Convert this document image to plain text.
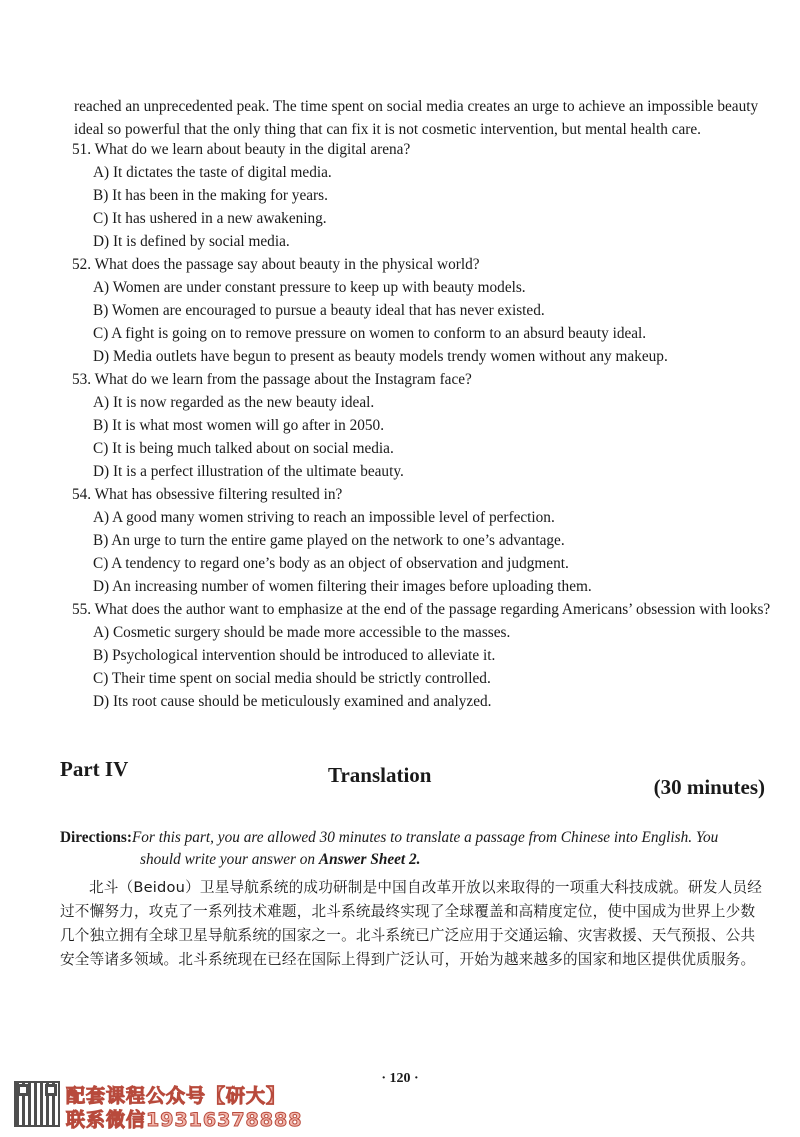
reached an unprecedented peak. The time spent on social media creates an urge to achieve an impossible beauty ideal so powerful that the only thing that can fix it is not cosmetic intervention, but mental health care.

51. What do we learn about beauty in the digital arena?
A) It dictates the taste of digital media.
B) It has been in the making for years.
C) It has ushered in a new awakening.
D) It is defined by social media.
52. What does the passage say about beauty in the physical world?
A) Women are under constant pressure to keep up with beauty models.
B) Women are encouraged to pursue a beauty ideal that has never existed.
C) A fight is going on to remove pressure on women to conform to an absurd beauty ideal.
D) Media outlets have begun to present as beauty models trendy women without any makeup.
53. What do we learn from the passage about the Instagram face?
A) It is now regarded as the new beauty ideal.
B) It is what most women will go after in 2050.
C) It is being much talked about on social media.
D) It is a perfect illustration of the ultimate beauty.
54. What has obsessive filtering resulted in?
A) A good many women striving to reach an impossible level of perfection.
B) An urge to turn the entire game played on the network to one’s advantage.
C) A tendency to regard one’s body as an object of observation and judgment.
D) An increasing number of women filtering their images before uploading them.
55. What does the author want to emphasize at the end of the passage regarding Americans’ obsession with looks?
A) Cosmetic surgery should be made more accessible to the masses.
B) Psychological intervention should be introduced to alleviate it.
C) Their time spent on social media should be strictly controlled.
D) Its root cause should be meticulously examined and analyzed.
Part IV	Translation	(30 minutes)
Directions:For this part, you are allowed 30 minutes to translate a passage from Chinese into English. You
should write your answer on Answer Sheet 2.

北斗（Beidou）卫星导航系统的成功研制是中国自改革开放以来取得的一项重大科技成就。研发人员经过不懈努力，攻克了一系列技术难题，北斗系统最终实现了全球覆盖和高精度定位，使中国成为世界上少数几个独立拥有全球卫星导航系统的国家之一。北斗系统已广泛应用于交通运输、灾害救援、天气预报、公共安全等诸多领域。北斗系统现在已经在国际上得到广泛认可，开始为越来越多的国家和地区提供优质服务。

· 120 ·
配套课程公众号【研大】
联系微信19316378888
